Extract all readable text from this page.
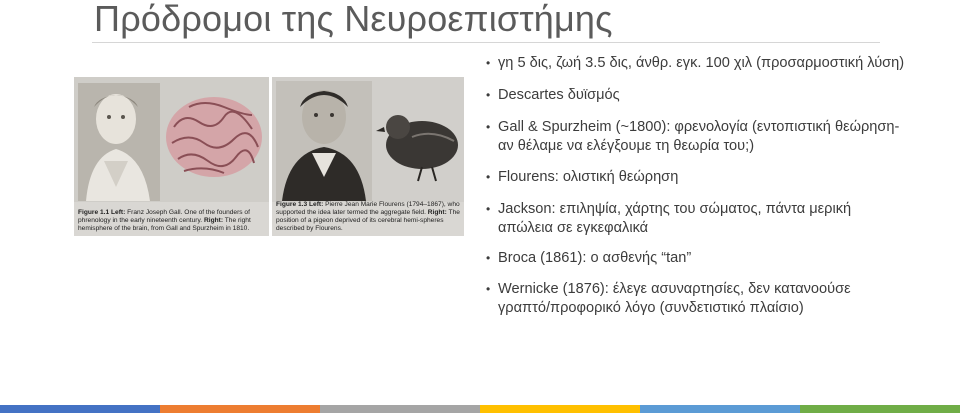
Πρόδρομοι της Νευροεπιστήμης
Figure 1.1 Left: Franz Joseph Gall. One of the founders of phrenology in the early nineteenth century. Right: The right hemisphere of the brain, from Gall and Spurzheim in 1810.
Figure 1.3 Left: Pierre Jean Marie Flourens (1794–1867), who supported the idea later termed the aggregate field. Right: The position of a pigeon deprived of its cerebral hemi-spheres described by Flourens.
• γη 5 δις, ζωή 3.5 δις, άνθρ. εγκ. 100 χιλ (προσαρμοστική λύση)
• Descartes δυϊσμός
• Gall & Spurzheim (~1800): φρενολογία (εντοπιστική θεώρηση- αν θέλαμε να ελέγξουμε τη θεωρία του;)
• Flourens: ολιστική θεώρηση
• Jackson: επιληψία, χάρτης του σώματος, πάντα μερική απώλεια σε εγκεφαλικά
• Broca (1861): ο ασθενής “tan”
• Wernicke (1876): έλεγε ασυναρτησίες, δεν κατανοούσε γραπτό/προφορικό λόγο (συνδετιστικό πλαίσιο)
